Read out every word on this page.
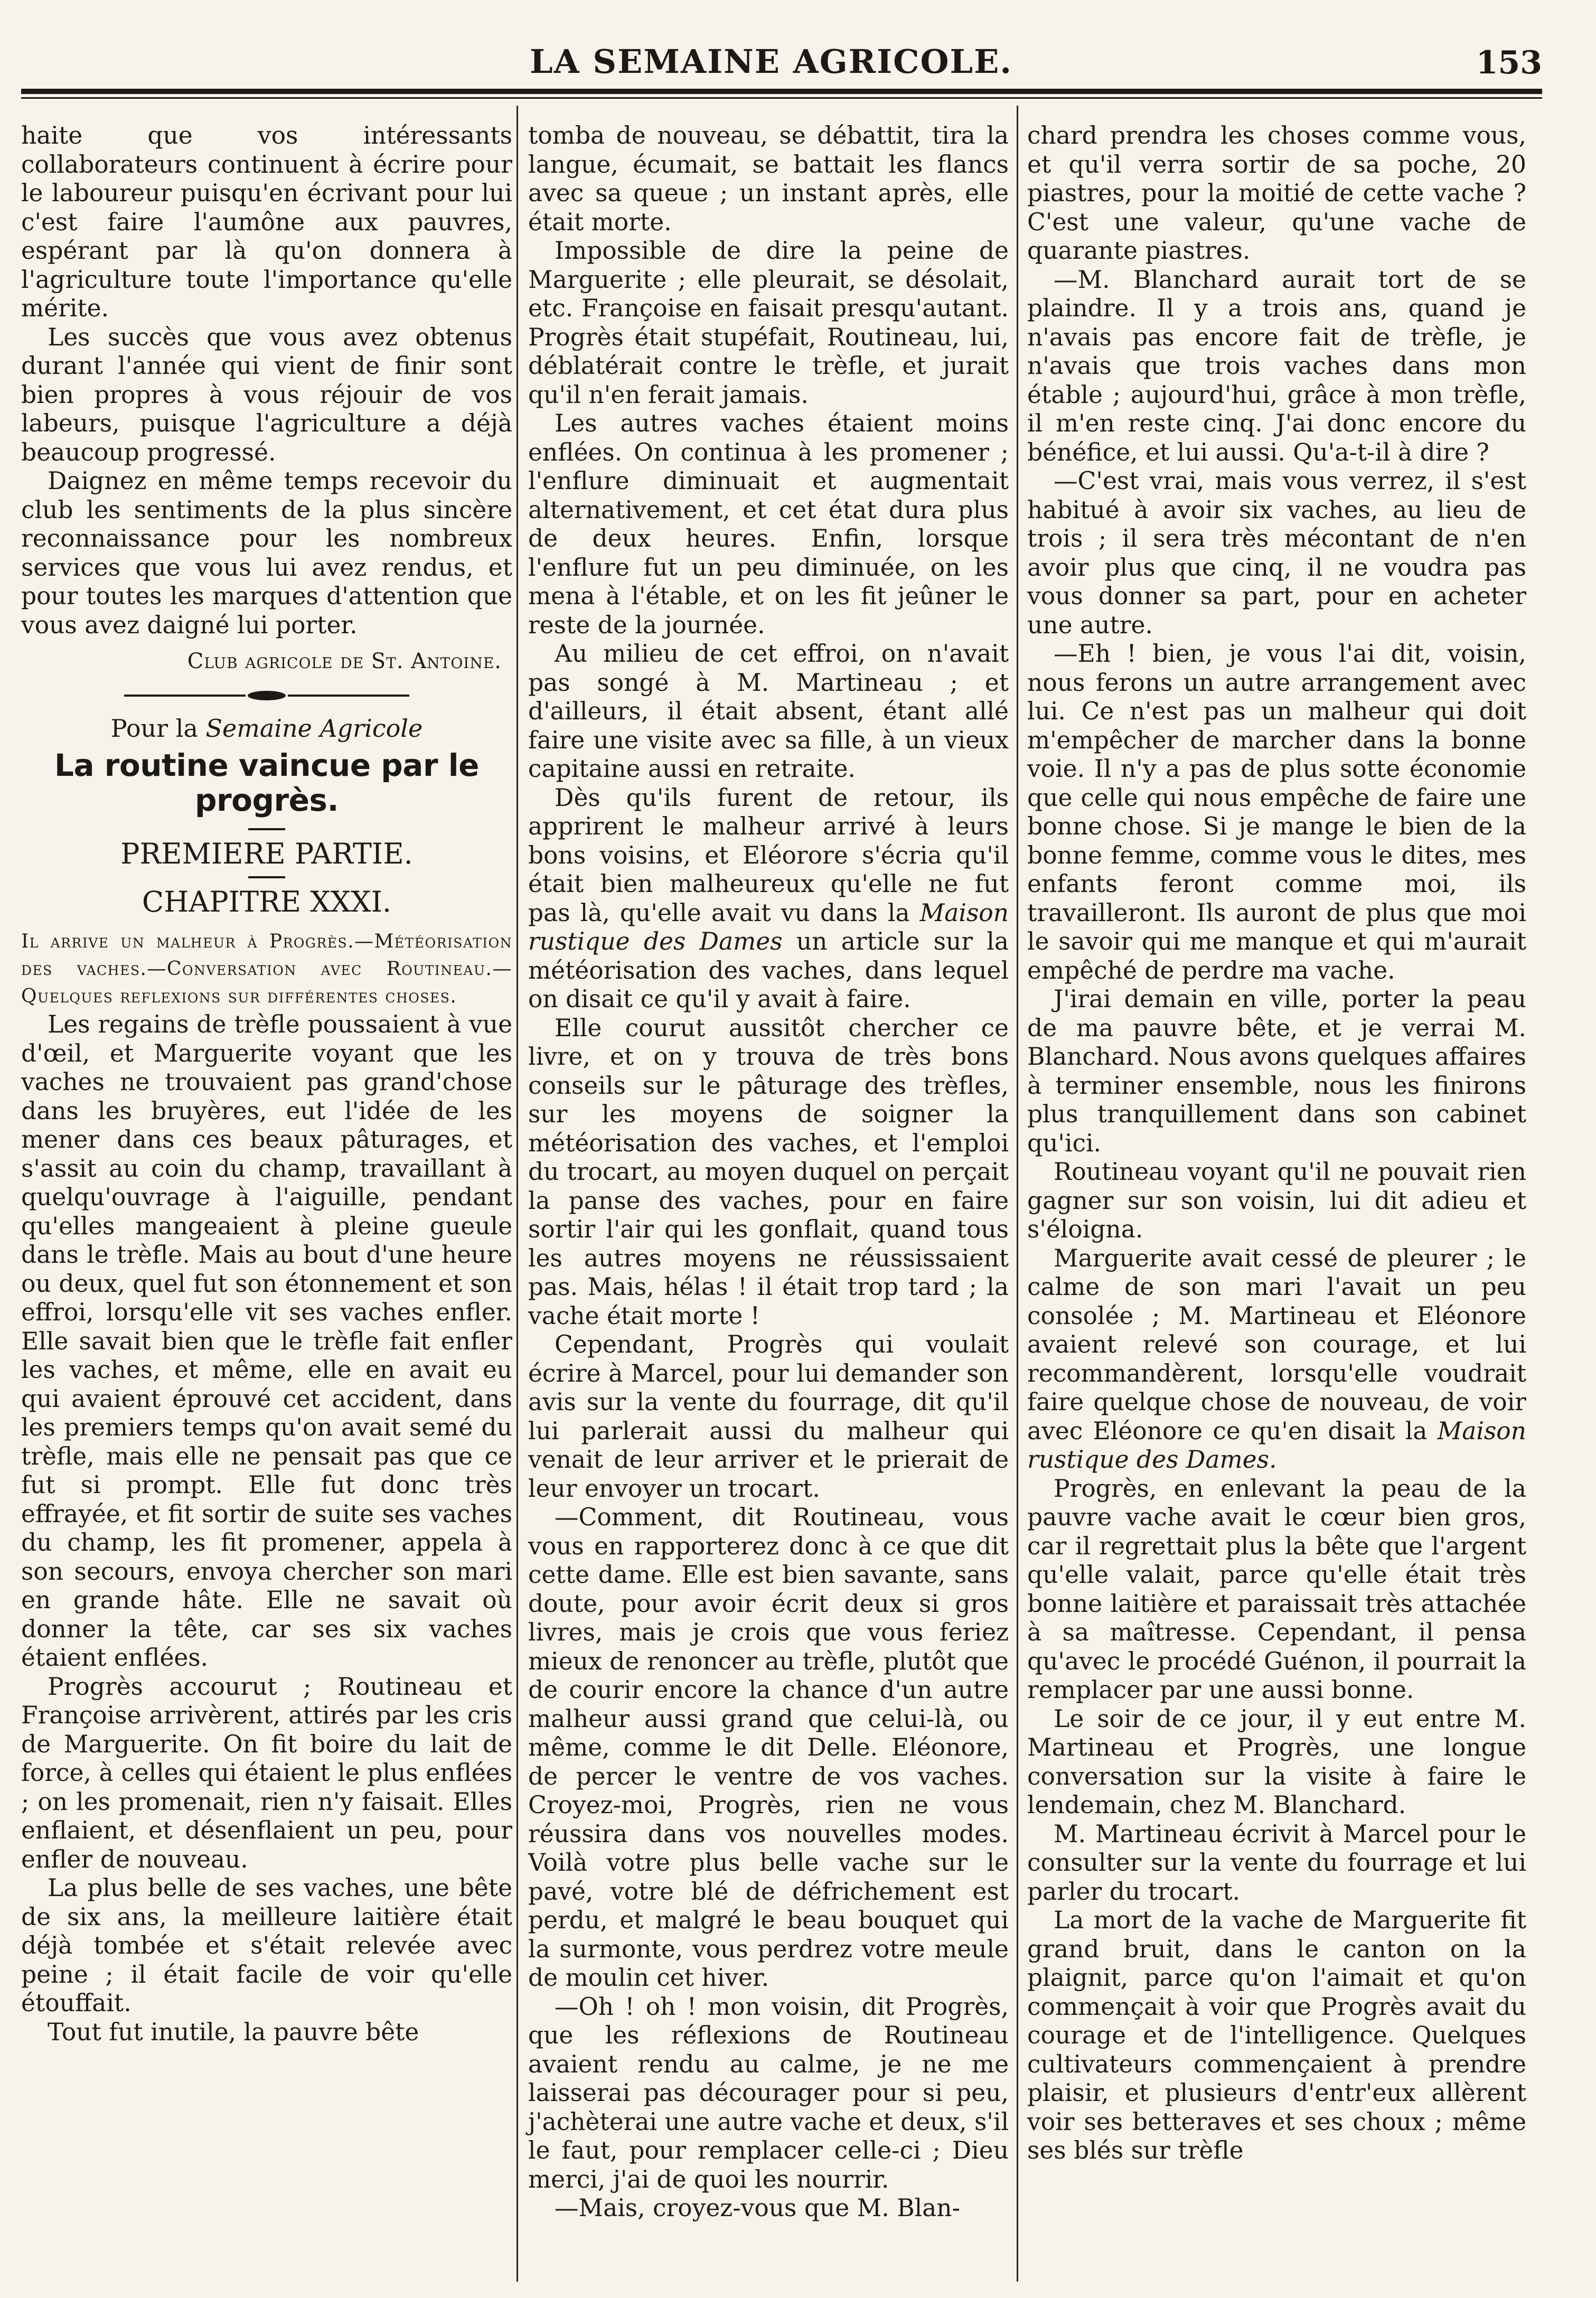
LA SEMAINE AGRICOLE.	153

haite que vos intéressants collaborateurs continuent à écrire pour le laboureur puisqu'en écrivant pour lui c'est faire l'aumône aux pauvres, espérant par là qu'on donnera à l'agriculture toute l'importance qu'elle mérite.

Les succès que vous avez obtenus durant l'année qui vient de finir sont bien propres à vous réjouir de vos labeurs, puisque l'agriculture a déjà beaucoup progressé.

Daignez en même temps recevoir du club les sentiments de la plus sincère reconnaissance pour les nombreux services que vous lui avez rendus, et pour toutes les marques d'attention que vous avez daigné lui porter.

Club agricole de St. Antoine.

Pour la Semaine Agricole

La routine vaincue par le progrès.
PREMIERE PARTIE.
CHAPITRE XXXI.

Il arrive un malheur à Progrès.—Météorisation des vaches.—Conversation avec Routineau.—Quelques reflexions sur différentes choses.

Les regains de trèfle poussaient à vue d'œil, et Marguerite voyant que les vaches ne trouvaient pas grand'chose dans les bruyères, eut l'idée de les mener dans ces beaux pâturages, et s'assit au coin du champ, travaillant à quelqu'ouvrage à l'aiguille, pendant qu'elles mangeaient à pleine gueule dans le trèfle. Mais au bout d'une heure ou deux, quel fut son étonnement et son effroi, lorsqu'elle vit ses vaches enfler. Elle savait bien que le trèfle fait enfler les vaches, et même, elle en avait eu qui avaient éprouvé cet accident, dans les premiers temps qu'on avait semé du trèfle, mais elle ne pensait pas que ce fut si prompt. Elle fut donc très effrayée, et fit sortir de suite ses vaches du champ, les fit promener, appela à son secours, envoya chercher son mari en grande hâte. Elle ne savait où donner la tête, car ses six vaches étaient enflées.

Progrès accourut ; Routineau et Françoise arrivèrent, attirés par les cris de Marguerite. On fit boire du lait de force, à celles qui étaient le plus enflées ; on les promenait, rien n'y faisait. Elles enflaient, et désenflaient un peu, pour enfler de nouveau.

La plus belle de ses vaches, une bête de six ans, la meilleure laitière était déjà tombée et s'était relevée avec peine ; il était facile de voir qu'elle étouffait.

Tout fut inutile, la pauvre bête

tomba de nouveau, se débattit, tira la langue, écumait, se battait les flancs avec sa queue ; un instant après, elle était morte.

Impossible de dire la peine de Marguerite ; elle pleurait, se désolait, etc. Françoise en faisait presqu'autant. Progrès était stupéfait, Routineau, lui, déblatérait contre le trèfle, et jurait qu'il n'en ferait jamais.

Les autres vaches étaient moins enflées. On continua à les promener ; l'enflure diminuait et augmentait alternativement, et cet état dura plus de deux heures. Enfin, lorsque l'enflure fut un peu diminuée, on les mena à l'étable, et on les fit jeûner le reste de la journée.

Au milieu de cet effroi, on n'avait pas songé à M. Martineau ; et d'ailleurs, il était absent, étant allé faire une visite avec sa fille, à un vieux capitaine aussi en retraite.

Dès qu'ils furent de retour, ils apprirent le malheur arrivé à leurs bons voisins, et Eléorore s'écria qu'il était bien malheureux qu'elle ne fut pas là, qu'elle avait vu dans la Maison rustique des Dames un article sur la météorisation des vaches, dans lequel on disait ce qu'il y avait à faire.

Elle courut aussitôt chercher ce livre, et on y trouva de très bons conseils sur le pâturage des trèfles, sur les moyens de soigner la météorisation des vaches, et l'emploi du trocart, au moyen duquel on perçait la panse des vaches, pour en faire sortir l'air qui les gonflait, quand tous les autres moyens ne réussissaient pas. Mais, hélas ! il était trop tard ; la vache était morte !

Cependant, Progrès qui voulait écrire à Marcel, pour lui demander son avis sur la vente du fourrage, dit qu'il lui parlerait aussi du malheur qui venait de leur arriver et le prierait de leur envoyer un trocart.

—Comment, dit Routineau, vous vous en rapporterez donc à ce que dit cette dame. Elle est bien savante, sans doute, pour avoir écrit deux si gros livres, mais je crois que vous feriez mieux de renoncer au trèfle, plutôt que de courir encore la chance d'un autre malheur aussi grand que celui-là, ou même, comme le dit Delle. Eléonore, de percer le ventre de vos vaches. Croyez-moi, Progrès, rien ne vous réussira dans vos nouvelles modes. Voilà votre plus belle vache sur le pavé, votre blé de défrichement est perdu, et malgré le beau bouquet qui la surmonte, vous perdrez votre meule de moulin cet hiver.

—Oh ! oh ! mon voisin, dit Progrès, que les réflexions de Routineau avaient rendu au calme, je ne me laisserai pas décourager pour si peu, j'achèterai une autre vache et deux, s'il le faut, pour remplacer celle-ci ; Dieu merci, j'ai de quoi les nourrir.

—Mais, croyez-vous que M. Blan-

chard prendra les choses comme vous, et qu'il verra sortir de sa poche, 20 piastres, pour la moitié de cette vache ? C'est une valeur, qu'une vache de quarante piastres.

—M. Blanchard aurait tort de se plaindre. Il y a trois ans, quand je n'avais pas encore fait de trèfle, je n'avais que trois vaches dans mon étable ; aujourd'hui, grâce à mon trèfle, il m'en reste cinq. J'ai donc encore du bénéfice, et lui aussi. Qu'a-t-il à dire ?

—C'est vrai, mais vous verrez, il s'est habitué à avoir six vaches, au lieu de trois ; il sera très mécontant de n'en avoir plus que cinq, il ne voudra pas vous donner sa part, pour en acheter une autre.

—Eh ! bien, je vous l'ai dit, voisin, nous ferons un autre arrangement avec lui. Ce n'est pas un malheur qui doit m'empêcher de marcher dans la bonne voie. Il n'y a pas de plus sotte économie que celle qui nous empêche de faire une bonne chose. Si je mange le bien de la bonne femme, comme vous le dites, mes enfants feront comme moi, ils travailleront. Ils auront de plus que moi le savoir qui me manque et qui m'aurait empêché de perdre ma vache.

J'irai demain en ville, porter la peau de ma pauvre bête, et je verrai M. Blanchard. Nous avons quelques affaires à terminer ensemble, nous les finirons plus tranquillement dans son cabinet qu'ici.

Routineau voyant qu'il ne pouvait rien gagner sur son voisin, lui dit adieu et s'éloigna.

Marguerite avait cessé de pleurer ; le calme de son mari l'avait un peu consolée ; M. Martineau et Eléonore avaient relevé son courage, et lui recommandèrent, lorsqu'elle voudrait faire quelque chose de nouveau, de voir avec Eléonore ce qu'en disait la Maison rustique des Dames.

Progrès, en enlevant la peau de la pauvre vache avait le cœur bien gros, car il regrettait plus la bête que l'argent qu'elle valait, parce qu'elle était très bonne laitière et paraissait très attachée à sa maîtresse. Cependant, il pensa qu'avec le procédé Guénon, il pourrait la remplacer par une aussi bonne.

Le soir de ce jour, il y eut entre M. Martineau et Progrès, une longue conversation sur la visite à faire le lendemain, chez M. Blanchard.

M. Martineau écrivit à Marcel pour le consulter sur la vente du fourrage et lui parler du trocart.

La mort de la vache de Marguerite fit grand bruit, dans le canton on la plaignit, parce qu'on l'aimait et qu'on commençait à voir que Progrès avait du courage et de l'intelligence. Quelques cultivateurs commençaient à prendre plaisir, et plusieurs d'entr'eux allèrent voir ses betteraves et ses choux ; même ses blés sur trèfle
